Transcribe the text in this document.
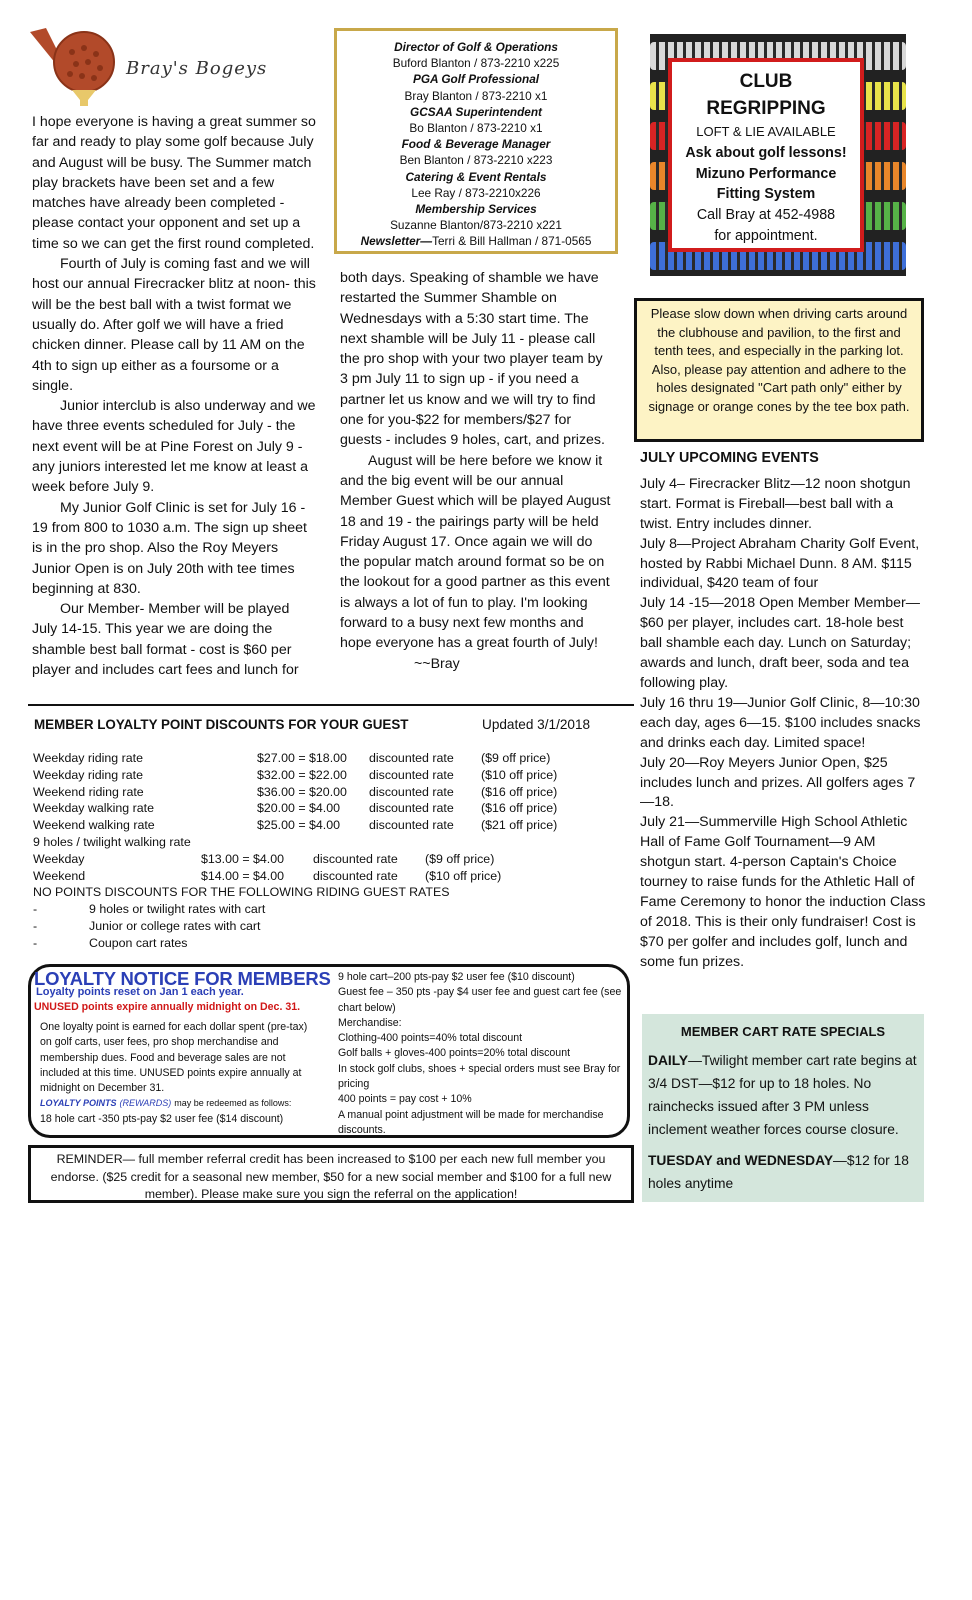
Bray's Bogeys

I hope everyone is having a great summer so far and ready to play some golf because July and August will be busy. The Summer match play brackets have been set and a few matches have already been completed - please contact your opponent and set up a time so we can get the first round completed.

Fourth of July is coming fast and we will host our annual Firecracker blitz at noon- this will be the best ball with a twist format we usually do. After golf we will have a fried chicken dinner. Please call by 11 AM on the 4th to sign up either as a foursome or a single.

Junior interclub is also underway and we have three events scheduled for July - the next event will be at Pine Forest on July 9 - any juniors interested let me know at least a week before July 9.

My Junior Golf Clinic is set for July 16 - 19 from 800 to 1030 a.m. The sign up sheet is in the pro shop. Also the Roy Meyers Junior Open is on July 20th with tee times beginning at 830.

Our Member- Member will be played July 14-15. This year we are doing the shamble best ball format - cost is $60 per player and includes cart fees and lunch for

Director of Golf & Operations
Buford Blanton / 873-2210 x225
PGA Golf Professional
Bray Blanton / 873-2210 x1
GCSAA Superintendent
Bo Blanton / 873-2210 x1
Food & Beverage Manager
Ben Blanton / 873-2210 x223
Catering & Event Rentals
Lee Ray / 873-2210x226
Membership Services
Suzanne Blanton/873-2210 x221
Newsletter—Terri & Bill Hallman / 871-0565

both days. Speaking of shamble we have restarted the Summer Shamble on Wednesdays with a 5:30 start time. The next shamble will be July 11 - please call the pro shop with your two player team by 3 pm July 11 to sign up - if you need a partner let us know and we will try to find one for you-$22 for members/$27 for guests - includes 9 holes, cart, and prizes.

August will be here before we know it and the big event will be our annual Member Guest which will be played August 18 and 19 - the pairings party will be held Friday August 17. Once again we will do the popular match around format so be on the lookout for a good partner as this event is always a lot of fun to play. I'm looking forward to a busy next few months and hope everyone has a great fourth of July!~~Bray

CLUB
REGRIPPING
LOFT & LIE AVAILABLE
Ask about golf lessons!
Mizuno Performance
Fitting System
Call Bray at 452-4988
for appointment.
Please slow down when driving carts around the clubhouse and pavilion, to the first and tenth tees, and especially in the parking lot. Also, please pay attention and adhere to the holes designated "Cart path only" either by signage or orange cones by the tee box path.
JULY UPCOMING EVENTS

July 4– Firecracker Blitz—12 noon shotgun start. Format is Fireball—best ball with a twist. Entry includes dinner.

July 8—Project Abraham Charity Golf Event, hosted by Rabbi Michael Dunn. 8 AM. $115 individual, $420 team of four

July 14 -15—2018 Open Member Member—$60 per player, includes cart. 18-hole best ball shamble each day. Lunch on Saturday; awards and lunch, draft beer, soda and tea following play.

July 16 thru 19—Junior Golf Clinic, 8—10:30 each day, ages 6—15. $100 includes snacks and drinks each day. Limited space!

July 20—Roy Meyers Junior Open, $25 includes lunch and prizes. All golfers ages 7—18.

July 21—Summerville High School Athletic Hall of Fame Golf Tournament—9 AM shotgun start. 4-person Captain's Choice tourney to raise funds for the Athletic Hall of Fame Ceremony to honor the induction Class of 2018. This is their only fundraiser! Cost is $70 per golfer and includes golf, lunch and some fun prizes.

MEMBER CART RATE SPECIALS

DAILY—Twilight member cart rate begins at 3/4 DST—$12 for up to 18 holes. No rainchecks issued after 3 PM unless inclement weather forces course closure.

TUESDAY and WEDNESDAY—$12 for 18 holes anytime

MEMBER LOYALTY POINT DISCOUNTS FOR YOUR GUEST	Updated 3/1/2018
Weekday riding rate	$27.00 = $18.00 discounted rate ($9 off price)
Weekday riding rate	$32.00 = $22.00 discounted rate ($10 off price)
Weekend riding rate	$36.00 = $20.00 discounted rate ($16 off price)
Weekday walking rate	$20.00 = $4.00 discounted rate ($16 off price)
Weekend walking rate	$25.00 = $4.00 discounted rate ($21 off price)
9 holes / twilight walking rate
Weekday	$13.00 = $4.00 discounted rate ($9 off price)
Weekend	$14.00 = $4.00 discounted rate ($10 off price)
NO POINTS DISCOUNTS FOR THE FOLLOWING RIDING GUEST RATES
-	9 holes or twilight rates with cart
-	Junior or college rates with cart
-	Coupon cart rates
LOYALTY NOTICE FOR MEMBERS
Loyalty points reset on Jan 1 each year.
UNUSED points expire annually midnight on Dec. 31.
One loyalty point is earned for each dollar spent (pre-tax) on golf carts, user fees, pro shop merchandise and membership dues. Food and beverage sales are not included at this time. UNUSED points expire annually at midnight on December 31.
LOYALTY POINTS (REWARDS) may be redeemed as follows:
18 hole cart -350 pts-pay $2 user fee ($14 discount)
9 hole cart–200 pts-pay $2 user fee ($10 discount)
Guest fee – 350 pts -pay $4 user fee and guest cart fee (see chart below)
Merchandise:
Clothing-400 points=40% total discount
Golf balls + gloves-400 points=20% total discount
In stock golf clubs, shoes + special orders must see Bray for pricing
400 points = pay cost + 10%
A manual point adjustment will be made for merchandise discounts.
REMINDER— full member referral credit has been increased to $100 per each new full member you endorse. ($25 credit for a seasonal new member, $50 for a new social member and $100 for a full new member). Please make sure you sign the referral on the application!
